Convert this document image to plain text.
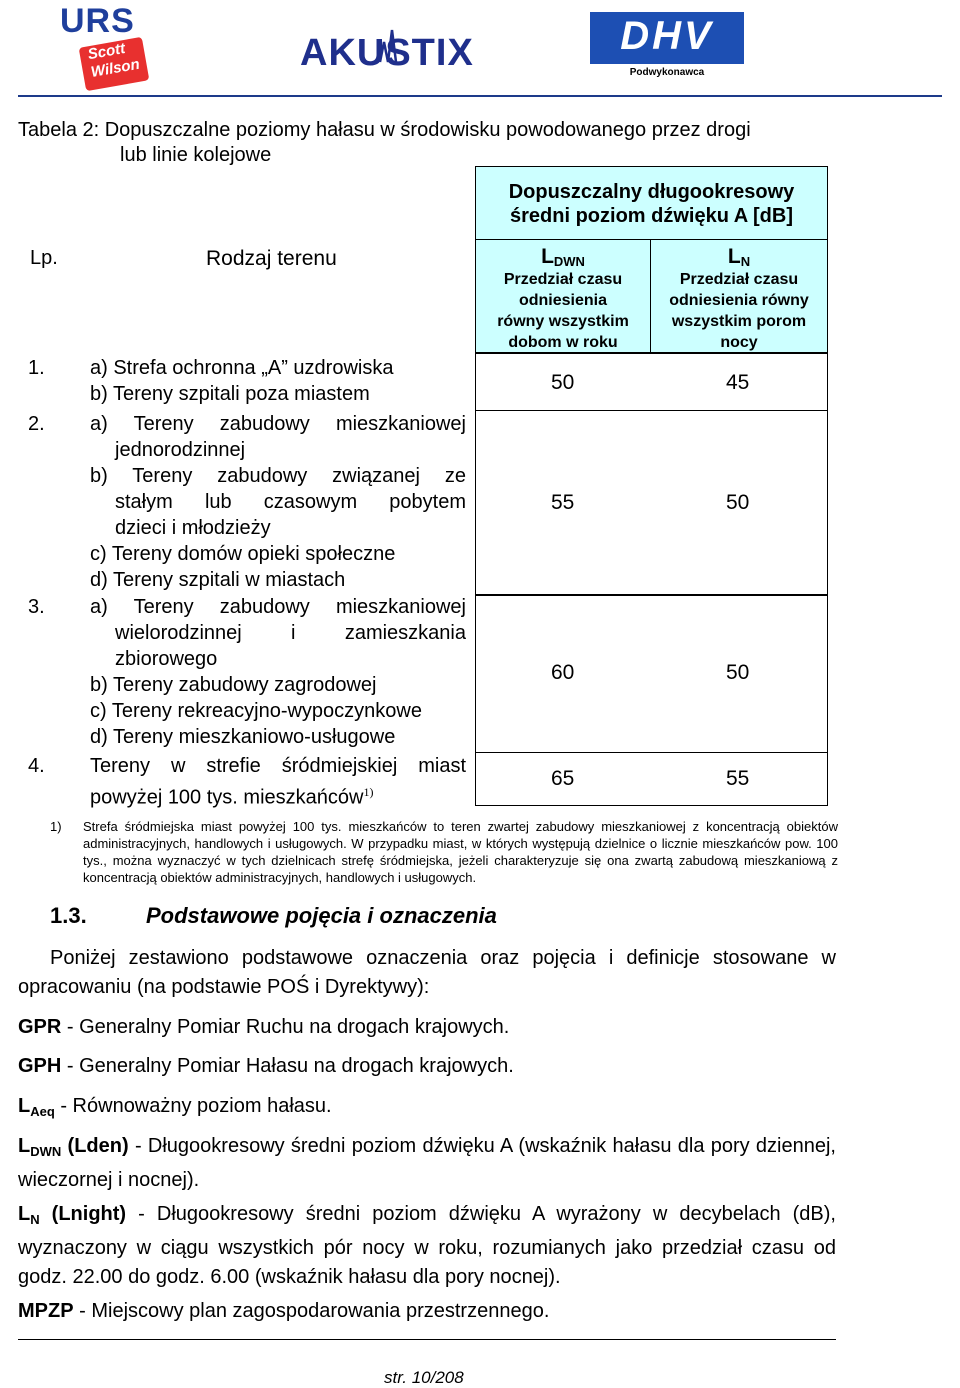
URS
Scott
Wilson	AKUSTIX	DHV
Podwykonawca
Tabela 2: Dopuszczalne poziomy hałasu w środowisku powodowanego przez drogi
lub linie kolejowe
Lp.	Rodzaj terenu
Dopuszczalny długookresowy
średni poziom dźwięku A [dB]
$L_{DWN}$
Przedział czasu
odniesienia
równy wszystkim
dobom w roku
$L_N$
Przedział czasu
odniesienia równy
wszystkim porom
nocy
1. a) Strefa ochronna „A” uzdrowiska
b) Tereny szpitali poza miastem	50	45
2. a) Tereny zabudowy mieszkaniowej
jednorodzinnej
b) Tereny zabudowy związanej ze
stałym lub czasowym pobytem
dzieci i młodzieży
c) Tereny domów opieki społeczne
d) Tereny szpitali w miastach
55	50
3. a) Tereny zabudowy mieszkaniowej
wielorodzinnej i zamieszkania
zbiorowego
b) Tereny zabudowy zagrodowej
c) Tereny rekreacyjno-wypoczynkowe
d) Tereny mieszkaniowo-usługowe
60	50
4. Tereny w strefie śródmiejskiej miast
powyżej 100 tys. mieszkańców$^{1)}$
65	55
1) Strefa śródmiejska miast powyżej 100 tys. mieszkańców to teren zwartej zabudowy mieszkaniowej z koncentracją obiektów administracyjnych, handlowych i usługowych. W przypadku miast, w których występują dzielnice o licznie mieszkańców pow. 100 tys., można wyznaczyć w tych dzielnicach strefę śródmiejska, jeżeli charakteryzuje się ona zwartą zabudową mieszkaniową z koncentracją obiektów administracyjnych, handlowych i usługowych.
1.3.	Podstawowe pojęcia i oznaczenia
Poniżej zestawiono podstawowe oznaczenia oraz pojęcia i definicje stosowane w opracowaniu (na podstawie POŚ i Dyrektywy):
GPR - Generalny Pomiar Ruchu na drogach krajowych.
GPH - Generalny Pomiar Hałasu na drogach krajowych.
$L_{Aeq}$ - Równoważny poziom hałasu.
$L_{DWN}$ (Lden) - Długookresowy średni poziom dźwięku A (wskaźnik hałasu dla pory dziennej, wieczornej i nocnej).
$L_N$ (Lnight) - Długookresowy średni poziom dźwięku A wyrażony w decybelach (dB), wyznaczony w ciągu wszystkich pór nocy w roku, rozumianych jako przedział czasu od godz. 22.00 do godz. 6.00 (wskaźnik hałasu dla pory nocnej).
MPZP - Miejscowy plan zagospodarowania przestrzennego.
str. 10/208
